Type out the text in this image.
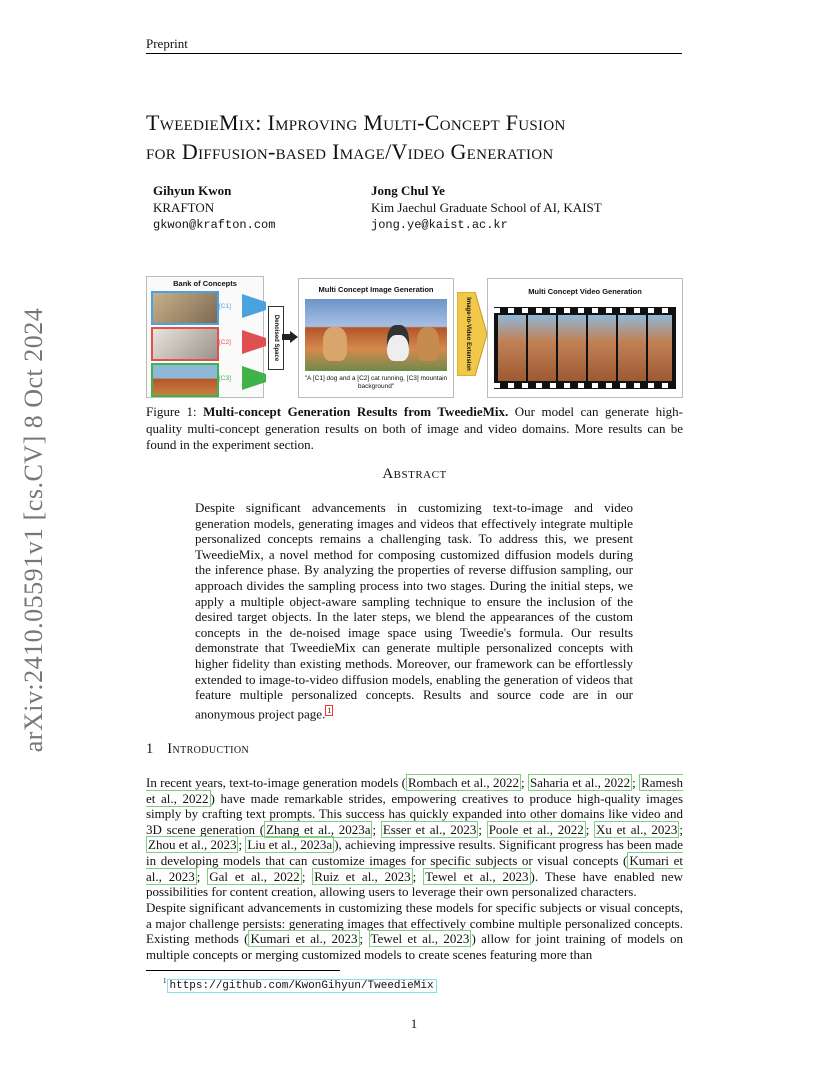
Preprint
TweedieMix: Improving Multi-Concept Fusion
for Diffusion-based Image/Video Generation
Gihyun Kwon
KRAFTON
gkwon@krafton.com
Jong Chul Ye
Kim Jaechul Graduate School of AI, KAIST
jong.ye@kaist.ac.kr
arXiv:2410.05591v1 [cs.CV] 8 Oct 2024
Bank of Concepts
[C1]
[C2]
[C3]
Denoised Space
Multi Concept Image Generation
"A [C1] dog and a [C2] cat running, [C3] mountain background"
Image-to-Video Extension
Multi Concept Video Generation
Figure 1: Multi-concept Generation Results from TweedieMix. Our model can generate high-quality multi-concept generation results on both of image and video domains. More results can be found in the experiment section.
Abstract
Despite significant advancements in customizing text-to-image and video generation models, generating images and videos that effectively integrate multiple personalized concepts remains a challenging task. To address this, we present TweedieMix, a novel method for composing customized diffusion models during the inference phase. By analyzing the properties of reverse diffusion sampling, our approach divides the sampling process into two stages. During the initial steps, we apply a multiple object-aware sampling technique to ensure the inclusion of the desired target objects. In the later steps, we blend the appearances of the custom concepts in the de-noised image space using Tweedie's formula. Our results demonstrate that TweedieMix can generate multiple personalized concepts with higher fidelity than existing methods. Moreover, our framework can be effortlessly extended to image-to-video diffusion models, enabling the generation of videos that feature multiple personalized concepts. Results and source code are in our anonymous project page. $^1$
1 Introduction
In recent years, text-to-image generation models ( Rombach et al., 2022 ; Saharia et al., 2022 ; Ramesh et al., 2022 ) have made remarkable strides, empowering creatives to produce high-quality images simply by crafting text prompts. This success has quickly expanded into other domains like video and 3D scene generation ( Zhang et al., 2023a ; Esser et al., 2023 ; Poole et al., 2022 ; Xu et al., 2023 ; Zhou et al., 2023 ; Liu et al., 2023a ), achieving impressive results. Significant progress has been made in developing models that can customize images for specific subjects or visual concepts ( Kumari et al., 2023 ; Gal et al., 2022 ; Ruiz et al., 2023 ; Tewel et al., 2023 ). These have enabled new possibilities for content creation, allowing users to leverage their own personalized characters.
Despite significant advancements in customizing these models for specific subjects or visual concepts, a major challenge persists: generating images that effectively combine multiple personalized concepts. Existing methods ( Kumari et al., 2023 ; Tewel et al., 2023 ) allow for joint training of models on multiple concepts or merging customized models to create scenes featuring more than
$^1$ https://github.com/KwonGihyun/TweedieMix
1
